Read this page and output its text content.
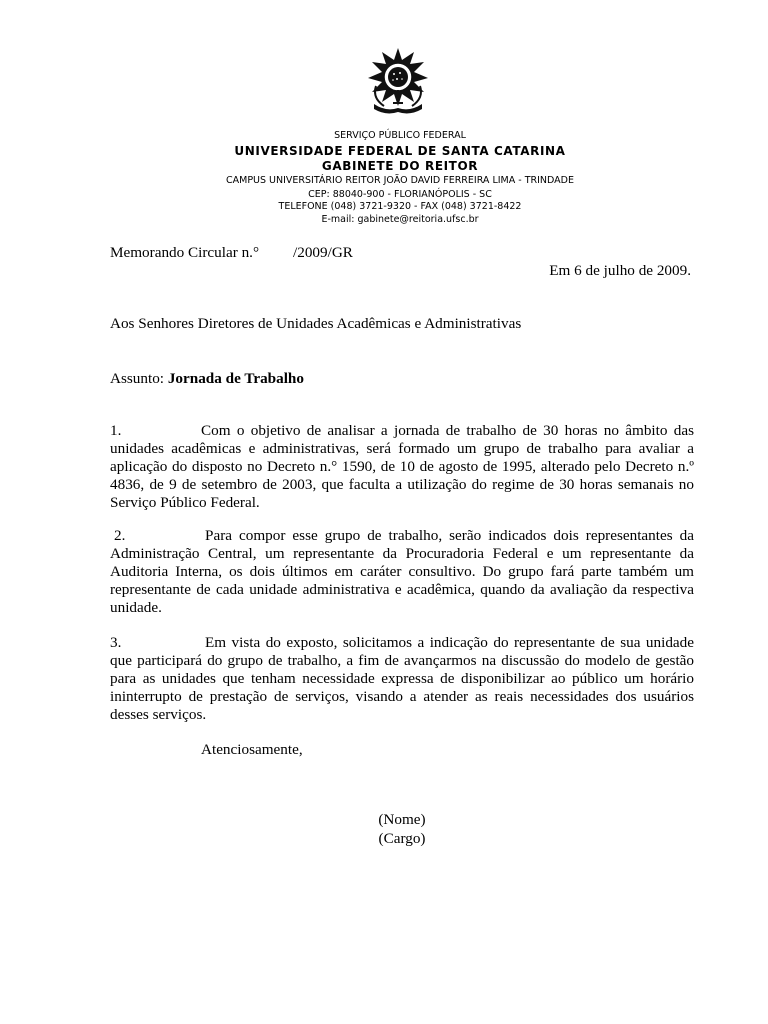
SERVIÇO PÚBLICO FEDERAL
UNIVERSIDADE FEDERAL DE SANTA CATARINA
GABINETE DO REITOR
CAMPUS UNIVERSITÁRIO REITOR JOÃO DAVID FERREIRA LIMA - TRINDADE
CEP: 88040-900 - FLORIANÓPOLIS - SC
TELEFONE (048) 3721-9320 - FAX (048) 3721-8422
E-mail: gabinete@reitoria.ufsc.br
Memorando Circular n.° /2009/GR
Em 6 de julho de 2009.
Aos Senhores Diretores de Unidades Acadêmicas e Administrativas
Assunto: Jornada de Trabalho
1.	Com o objetivo de analisar a jornada de trabalho de 30 horas no âmbito das unidades acadêmicas e administrativas, será formado um grupo de trabalho para avaliar a aplicação do disposto no Decreto n.° 1590, de 10 de agosto de 1995, alterado pelo Decreto n.º 4836, de 9 de setembro de 2003, que faculta a utilização do regime de 30 horas semanais no Serviço Público Federal.
2.	Para compor esse grupo de trabalho, serão indicados dois representantes da Administração Central, um representante da Procuradoria Federal e um representante da Auditoria Interna, os dois últimos em caráter consultivo. Do grupo fará parte também um representante de cada unidade administrativa e acadêmica, quando da avaliação da respectiva unidade.
3.	Em vista do exposto, solicitamos a indicação do representante de sua unidade que participará do grupo de trabalho, a fim de avançarmos na discussão do modelo de gestão para as unidades que tenham necessidade expressa de disponibilizar ao público um horário ininterrupto de prestação de serviços, visando a atender as reais necessidades dos usuários desses serviços.
Atenciosamente,
(Nome)
(Cargo)
